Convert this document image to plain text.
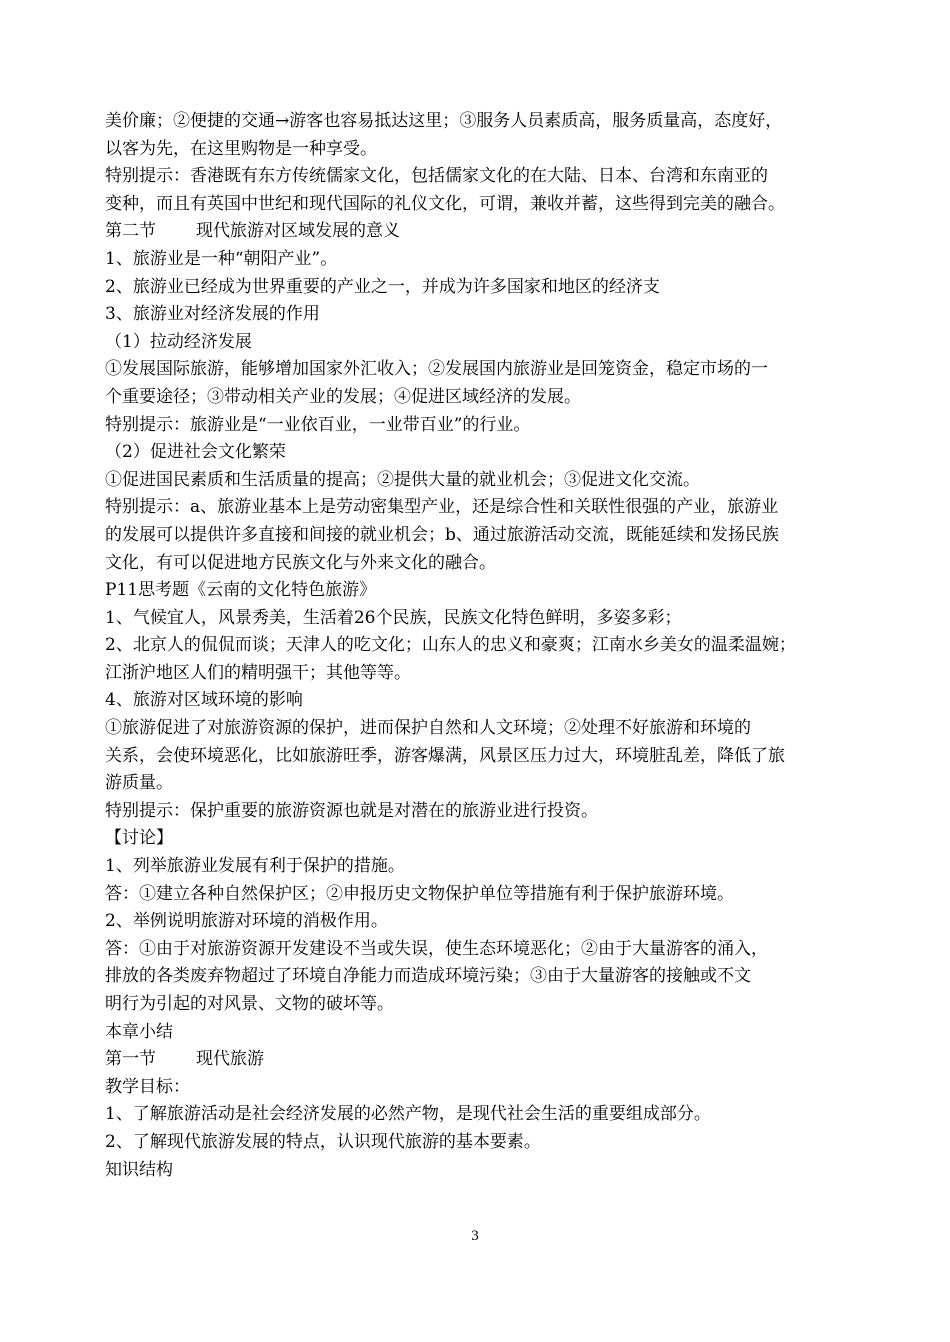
美价廉；②便捷的交通→游客也容易抵达这里；③服务人员素质高，服务质量高，态度好，
以客为先，在这里购物是一种享受。
特别提示：香港既有东方传统儒家文化，包括儒家文化的在大陆、日本、台湾和东南亚的
变种，而且有英国中世纪和现代国际的礼仪文化，可谓，兼收并蓄，这些得到完美的融合。
第二节 现代旅游对区域发展的意义
1、旅游业是一种“朝阳产业”。
2、旅游业已经成为世界重要的产业之一，并成为许多国家和地区的经济支
3、旅游业对经济发展的作用
（1）拉动经济发展
①发展国际旅游，能够增加国家外汇收入；②发展国内旅游业是回笼资金，稳定市场的一
个重要途径；③带动相关产业的发展；④促进区域经济的发展。
特别提示：旅游业是“一业依百业，一业带百业”的行业。
（2）促进社会文化繁荣
①促进国民素质和生活质量的提高；②提供大量的就业机会；③促进文化交流。
特别提示：a、旅游业基本上是劳动密集型产业，还是综合性和关联性很强的产业，旅游业
的发展可以提供许多直接和间接的就业机会；b、通过旅游活动交流，既能延续和发扬民族
文化，有可以促进地方民族文化与外来文化的融合。
P11思考题《云南的文化特色旅游》
1、气候宜人，风景秀美，生活着26个民族，民族文化特色鲜明，多姿多彩；
2、北京人的侃侃而谈；天津人的吃文化；山东人的忠义和豪爽；江南水乡美女的温柔温婉；
江浙沪地区人们的精明强干；其他等等。
4、旅游对区域环境的影响
①旅游促进了对旅游资源的保护，进而保护自然和人文环境；②处理不好旅游和环境的
关系，会使环境恶化，比如旅游旺季，游客爆满，风景区压力过大，环境脏乱差，降低了旅
游质量。
特别提示：保护重要的旅游资源也就是对潜在的旅游业进行投资。
【讨论】
1、列举旅游业发展有利于保护的措施。
答：①建立各种自然保护区；②申报历史文物保护单位等措施有利于保护旅游环境。
2、举例说明旅游对环境的消极作用。
答：①由于对旅游资源开发建设不当或失误，使生态环境恶化；②由于大量游客的涌入，
排放的各类废弃物超过了环境自净能力而造成环境污染；③由于大量游客的接触或不文
明行为引起的对风景、文物的破坏等。
本章小结
第一节 现代旅游
教学目标：
1、了解旅游活动是社会经济发展的必然产物，是现代社会生活的重要组成部分。
2、了解现代旅游发展的特点，认识现代旅游的基本要素。
知识结构
3
